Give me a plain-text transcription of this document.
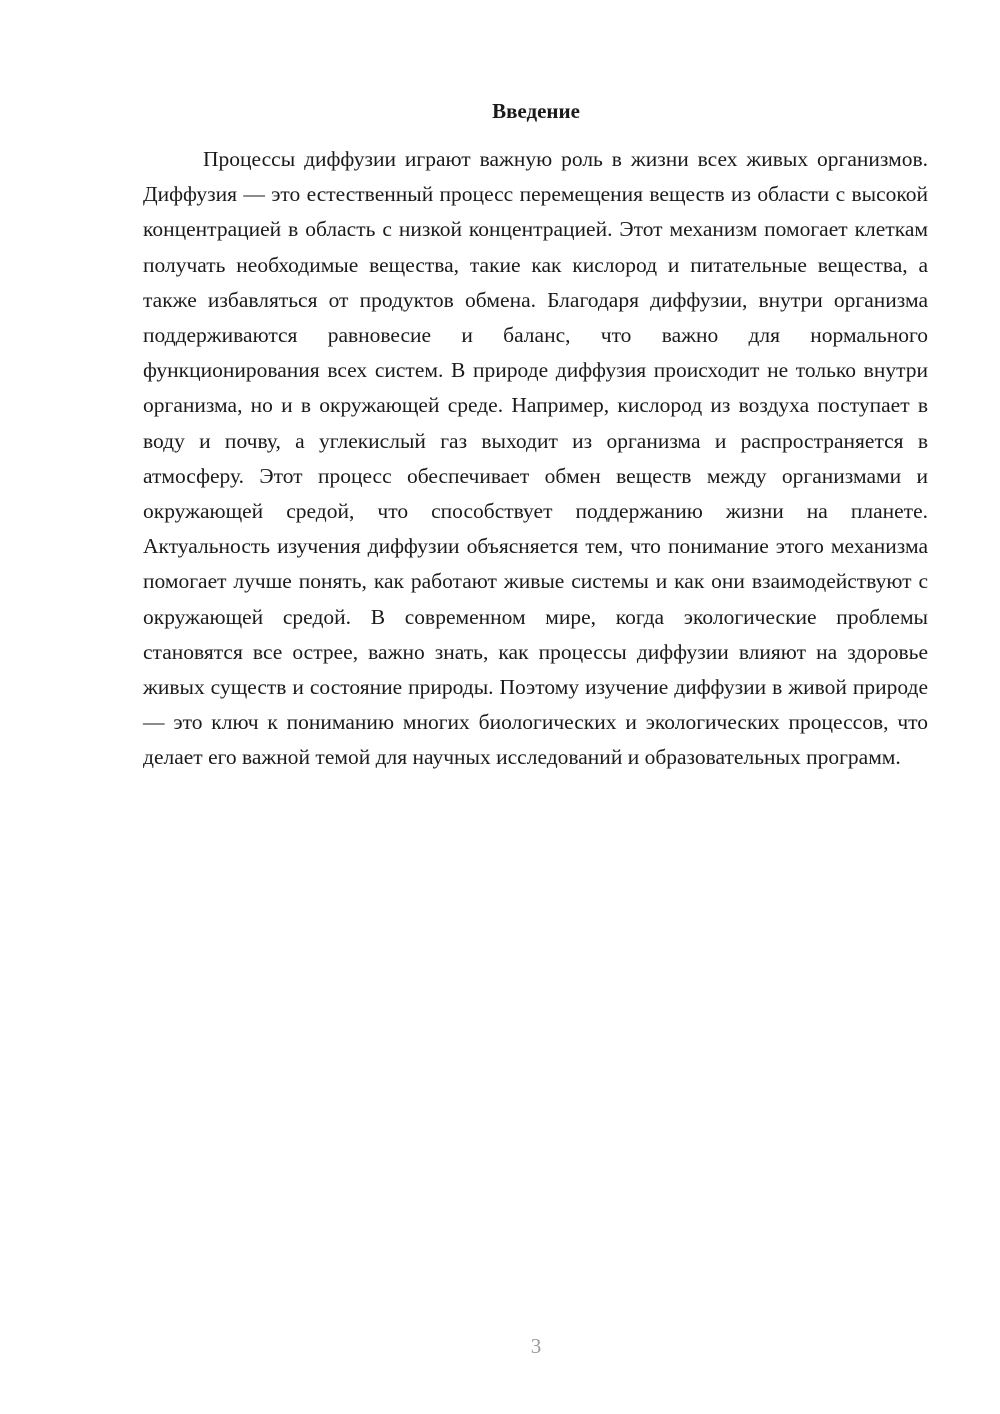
Введение

Процессы диффузии играют важную роль в жизни всех живых организмов. Диффузия — это естественный процесс перемещения веществ из области с высокой концентрацией в область с низкой концентрацией. Этот механизм помогает клеткам получать необходимые вещества, такие как кислород и питательные вещества, а также избавляться от продуктов обмена. Благодаря диффузии, внутри организма поддерживаются равновесие и баланс, что важно для нормального функционирования всех систем. В природе диффузия происходит не только внутри организма, но и в окружающей среде. Например, кислород из воздуха поступает в воду и почву, а углекислый газ выходит из организма и распространяется в атмосферу. Этот процесс обеспечивает обмен веществ между организмами и окружающей средой, что способствует поддержанию жизни на планете. Актуальность изучения диффузии объясняется тем, что понимание этого механизма помогает лучше понять, как работают живые системы и как они взаимодействуют с окружающей средой. В современном мире, когда экологические проблемы становятся все острее, важно знать, как процессы диффузии влияют на здоровье живых существ и состояние природы. Поэтому изучение диффузии в живой природе — это ключ к пониманию многих биологических и экологических процессов, что делает его важной темой для научных исследований и образовательных программ.

3
